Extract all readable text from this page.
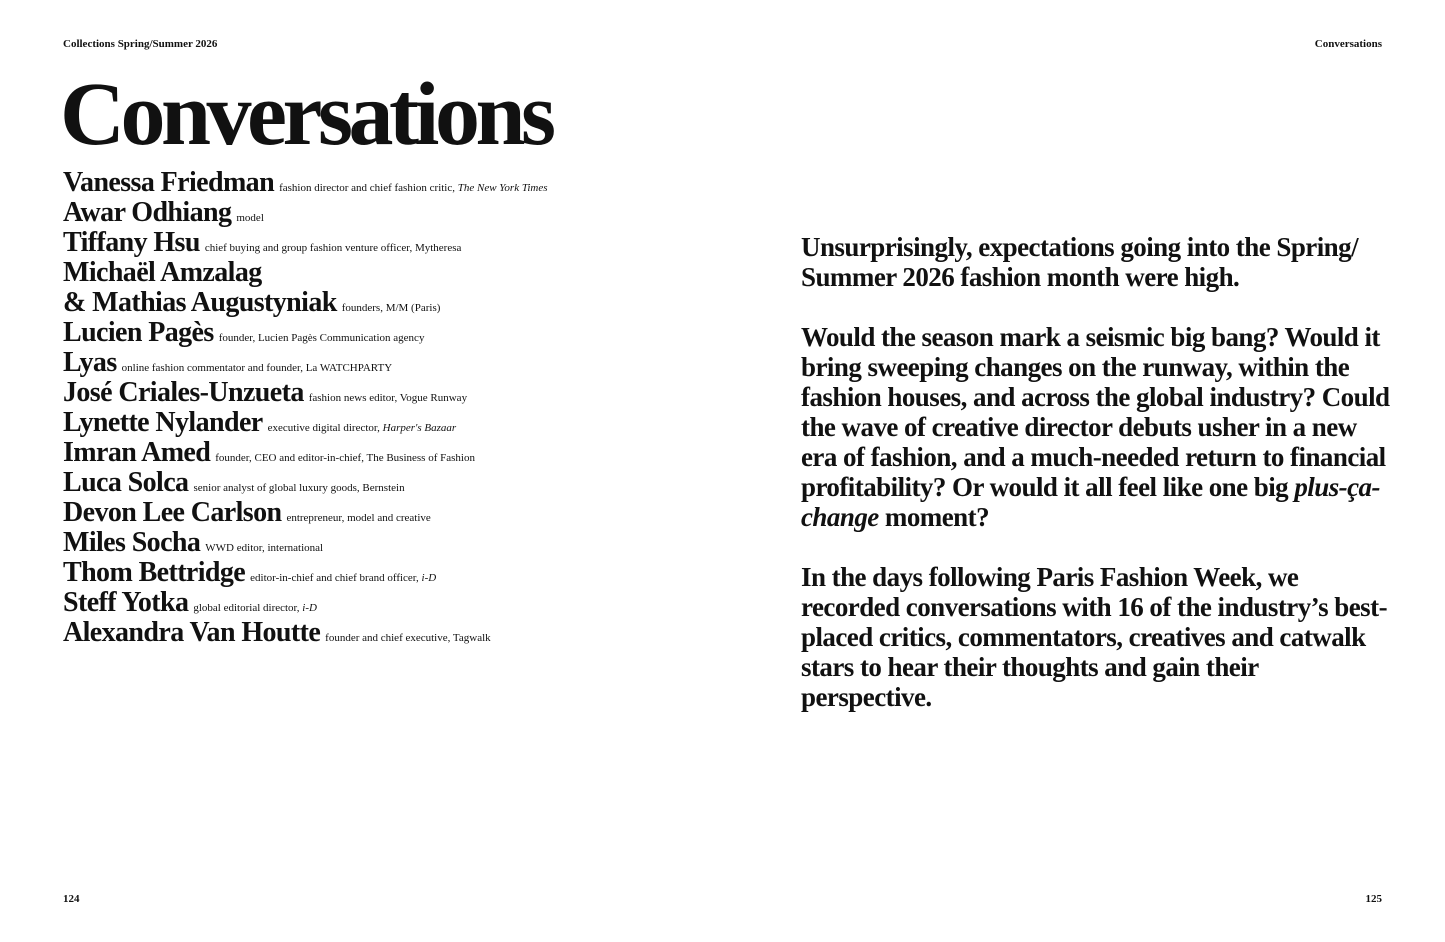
Collections Spring/Summer 2026	Conversations
Conversations
Vanessa Friedman fashion director and chief fashion critic, The New York Times
Awar Odhiang model
Tiffany Hsu chief buying and group fashion venture officer, Mytheresa
Michaël Amzalag
& Mathias Augustyniak founders, M/M (Paris)
Lucien Pagès founder, Lucien Pagès Communication agency
Lyas online fashion commentator and founder, La WATCHPARTY
José Criales-Unzueta fashion news editor, Vogue Runway
Lynette Nylander executive digital director, Harper's Bazaar
Imran Amed founder, CEO and editor-in-chief, The Business of Fashion
Luca Solca senior analyst of global luxury goods, Bernstein
Devon Lee Carlson entrepreneur, model and creative
Miles Socha WWD editor, international
Thom Bettridge editor-in-chief and chief brand officer, i-D
Steff Yotka global editorial director, i-D
Alexandra Van Houtte founder and chief executive, Tagwalk

Unsurprisingly, expectations going into the Spring/ Summer 2026 fashion month were high.

Would the season mark a seismic big bang? Would it bring sweeping changes on the runway, within the fashion houses, and across the global industry? Could the wave of creative director debuts usher in a new era of fashion, and a much-needed return to financial profitability? Or would it all feel like one big plus-ça-change moment?

In the days following Paris Fashion Week, we recorded conversations with 16 of the industry’s best-placed critics, commentators, creatives and catwalk stars to hear their thoughts and gain their perspective.

124	125
